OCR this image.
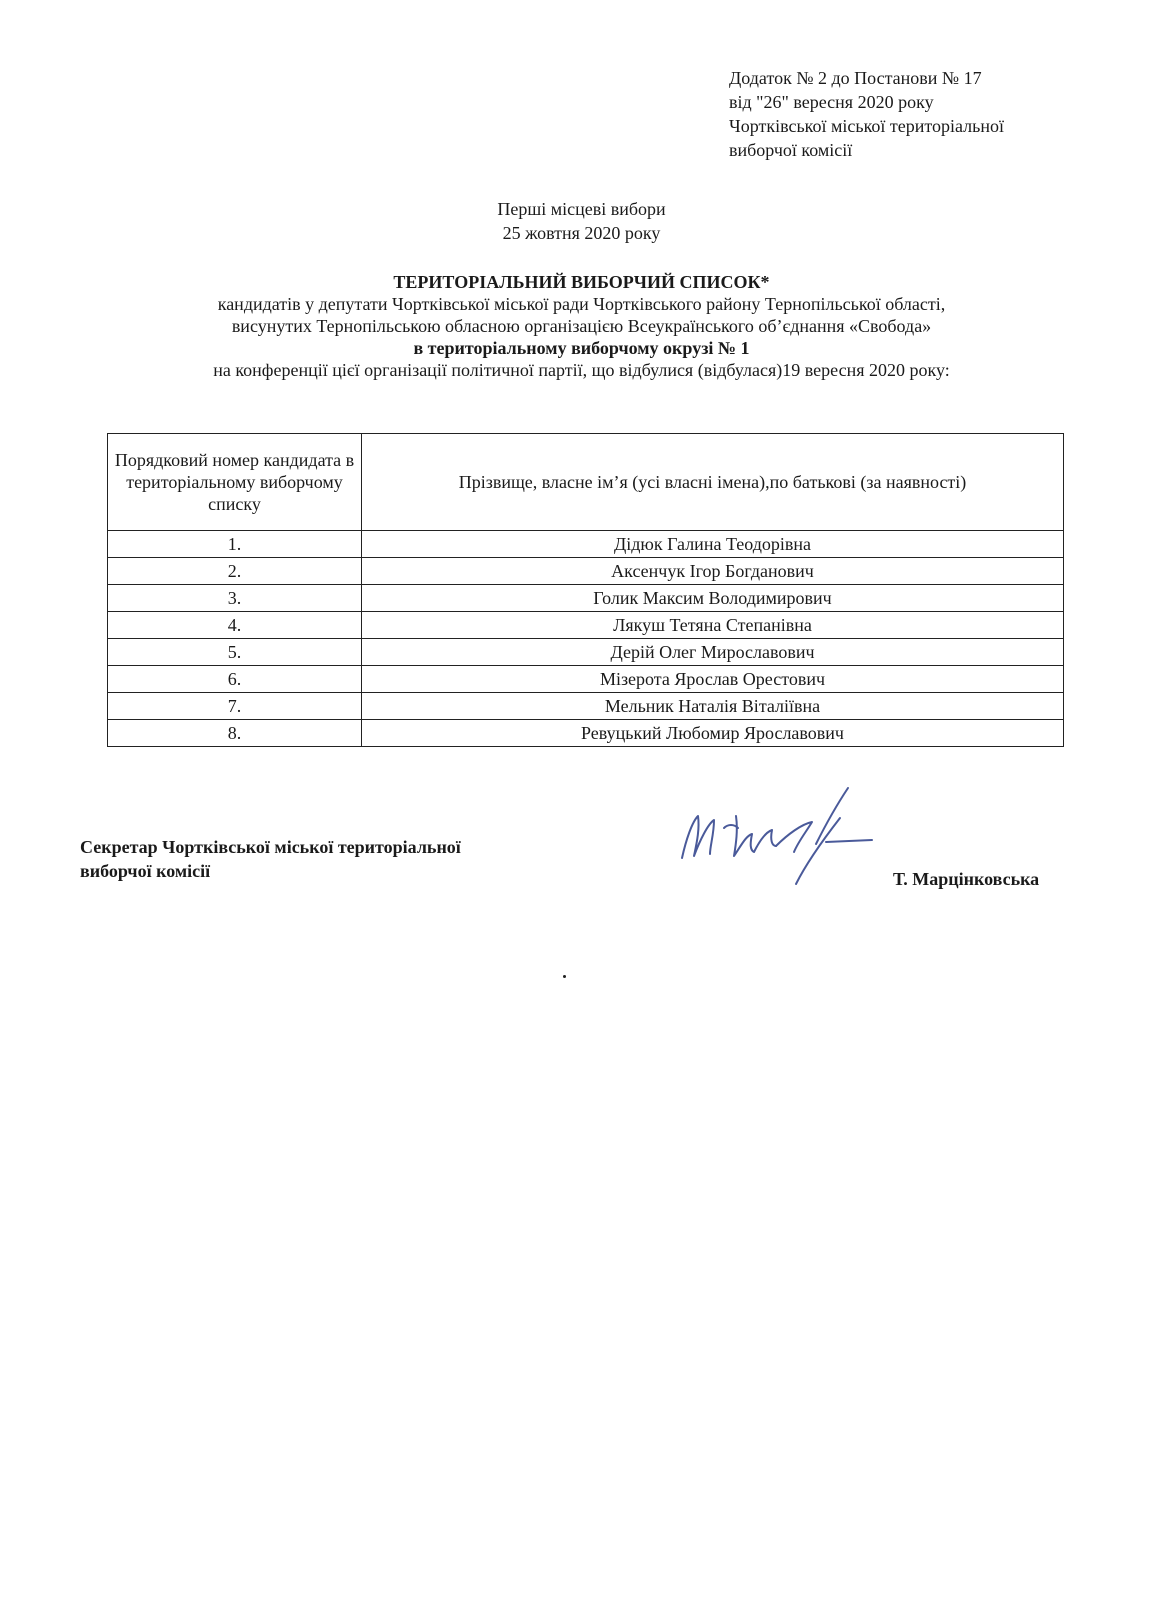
Додаток № 2 до Постанови № 17
від "26" вересня 2020 року
Чортківської міської територіальної
виборчої комісії
Перші місцеві вибори
25 жовтня 2020 року
ТЕРИТОРІАЛЬНИЙ ВИБОРЧИЙ СПИСОК*
кандидатів у депутати Чортківської міської ради Чортківського району Тернопільської області,
висунутих Тернопільською обласною організацією Всеукраїнського об’єднання «Свобода»
в територіальному виборчому окрузі № 1
на конференції цієї організації політичної партії, що відбулися (відбулася)19 вересня 2020 року:
Порядковий номер кандидата в територіальному виборчому списку	Прізвище, власне ім’я (усі власні імена),по батькові (за наявності)
1.	Дідюк Галина Теодорівна
2.	Аксенчук Ігор Богданович
3.	Голик Максим Володимирович
4.	Лякуш Тетяна Степанівна
5.	Дерій Олег Мирославович
6.	Мізерота Ярослав Орестович
7.	Мельник Наталія Віталіївна
8.	Ревуцький Любомир Ярославович
Секретар Чортківської міської територіальної
виборчої комісії	Т. Марцінковська
